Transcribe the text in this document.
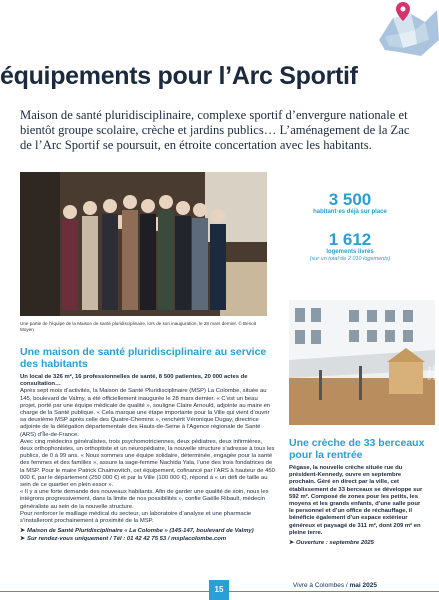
équipements pour l’Arc Sportif
Maison de santé pluridisciplinaire, complexe sportif d’envergure nationale et bientôt groupe scolaire, crèche et jardins publics… L’aménagement de la Zac de l’Arc Sportif se poursuit, en étroite concertation avec les habitants.
Une partie de l’équipe de la Maison de santé pluridisciplinaire, lors de son inauguration, le 28 mars dernier. © Benoit Moyen
3 500
habitant·es déjà sur place
1 612
logements livrés
(sur un total de 2 010 logements)
© Aitor Bertolin
Une maison de santé pluridisciplinaire au service des habitants

Un local de 326 m², 16 professionnelles de santé, 8 500 patientes, 20 000 actes de consultation…

Après sept mois d’activités, la Maison de Santé Pluridisciplinaire (MSP) La Colombe, située au 145, boulevard de Valmy, a été officiellement inaugurée le 28 mars dernier. « C’est un beau projet, porté par une équipe médicale de qualité », souligne Claire Arnould, adjointe au maire en charge de la Santé publique. « Cela marque une étape importante pour la Ville qui vient d’ouvrir sa deuxième MSP après celle des Quatre-Chemins », renchérit Véronique Dugay, directrice adjointe de la délégation départementale des Hauts-de-Seine à l’Agence régionale de Santé (ARS) d’Île-de-France.

Avec cinq médecins généralistes, trois psychomotriciennes, deux pédiatres, deux infirmières, deux orthophonistes, un orthoptiste et un neuropédiatre, la nouvelle structure s’adresse à tous les publics, de 0 à 99 ans. « Nous sommes une équipe solidaire, déterminée, engagée pour la santé des femmes et des familles », assure la sage-femme Nachida Yala, l’une des trois fondatrices de la MSP. Pour le maire Patrick Chaimovitch, cet équipement, cofinancé par l’ARS à hauteur de 450 000 €, par le département (250 000 €) et par la Ville (100 000 €), répond à « un défi de taille au sein de ce quartier en plein essor ».

« Il y a une forte demande des nouveaux habitants. Afin de garder une qualité de soin, nous les intégrons progressivement, dans la limite de nos possibilités », confie Gaëlle Ribault, médecin généraliste au sein de la nouvelle structure.

Pour renforcer le maillage médical du secteur, un laboratoire d’analyse et une pharmacie s’installeront prochainement à proximité de la MSP.

➤ Maison de Santé Pluridisciplinaire « La Colombe » (145-147, boulevard de Valmy)
➤ Sur rendez-vous uniquement / Tél : 01 42 42 75 53 / msplacolombe.com
Une crèche de 33 berceaux pour la rentrée
Pégase, la nouvelle crèche située rue du président-Kennedy, ouvre en septembre prochain. Géré en direct par la ville, cet établissement de 33 berceaux se développe sur 592 m². Composé de zones pour les petits, les moyens et les grands enfants, d’une salle pour le personnel et d’un office de réchauffage, il bénéficie également d’un espace extérieur généreux et paysagé de 311 m², dont 209 m² en pleine terre.
➤ Ouverture : septembre 2025
15	Vivre à Colombes / mai 2025
